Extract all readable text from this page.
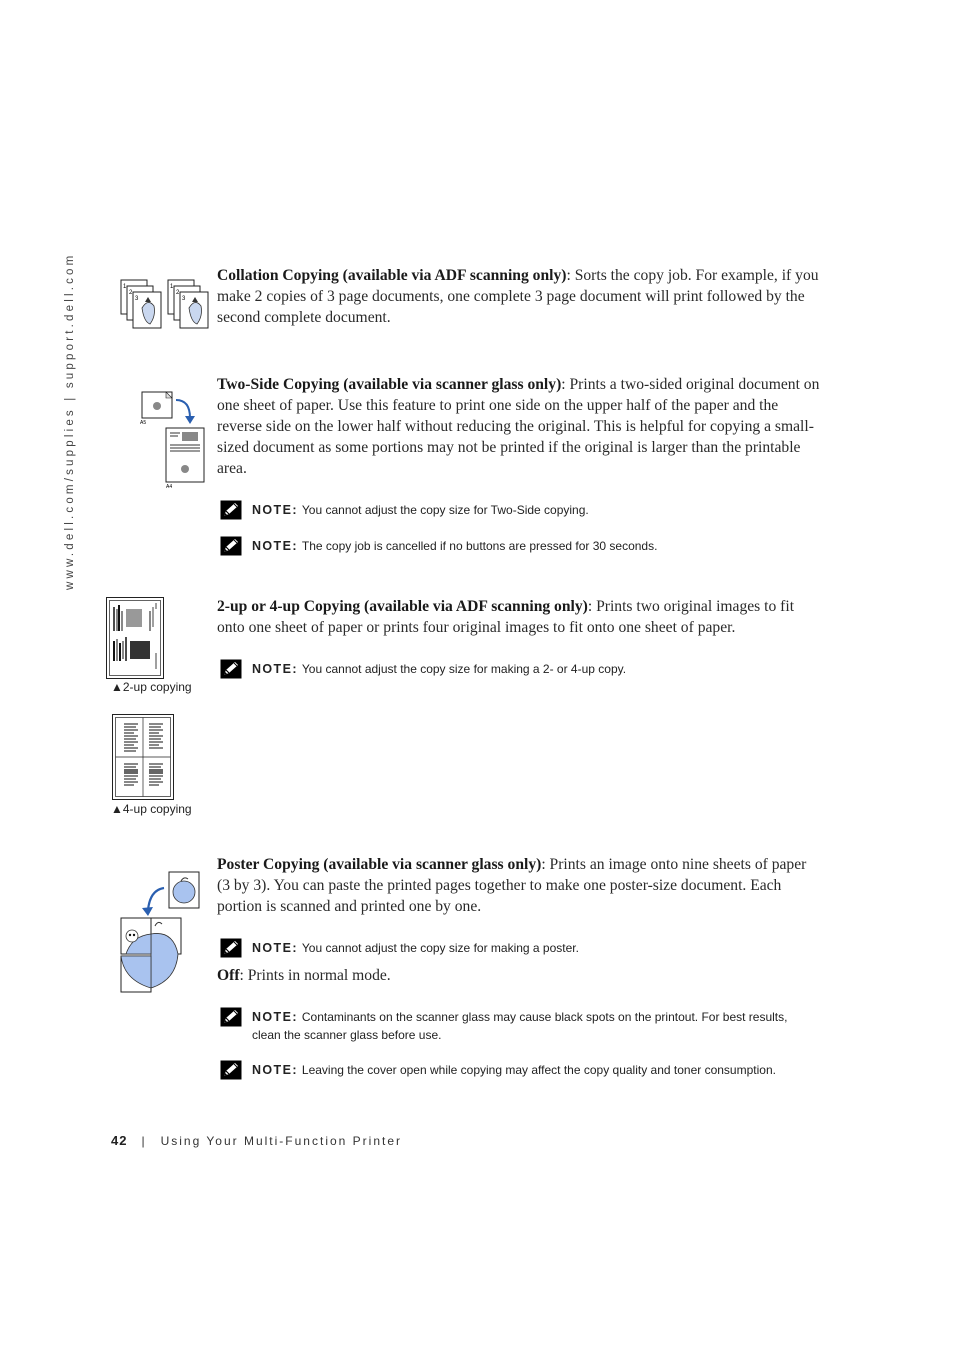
www.dell.com/supplies | support.dell.com	1
2
3
1
2
3
Collation Copying (available via ADF scanning only): Sorts the copy job. For example, if you make 2 copies of 3 page documents, one complete 3 page document will print followed by the second complete document.
A5
A4
Two-Side Copying (available via scanner glass only): Prints a two-sided original document on one sheet of paper. Use this feature to print one side on the upper half of the paper and the reverse side on the lower half without reducing the original. This is helpful for copying a small-sized document as some portions may not be printed if the original is larger than the printable area.
NOTE: You cannot adjust the copy size for Two-Side copying.
NOTE: The copy job is cancelled if no buttons are pressed for 30 seconds.
▲2-up copying
2-up or 4-up Copying (available via ADF scanning only): Prints two original images to fit onto one sheet of paper or prints four original images to fit onto one sheet of paper.
NOTE: You cannot adjust the copy size for making a 2- or 4-up copy.
▲4-up copying
Poster Copying (available via scanner glass only): Prints an image onto nine sheets of paper (3 by 3). You can paste the printed pages together to make one poster-size document. Each portion is scanned and printed one by one.
NOTE: You cannot adjust the copy size for making a poster.
Off: Prints in normal mode.
NOTE: Contaminants on the scanner glass may cause black spots on the printout. For best results, clean the scanner glass before use.
NOTE: Leaving the cover open while copying may affect the copy quality and toner consumption.
42 | Using Your Multi-Function Printer
